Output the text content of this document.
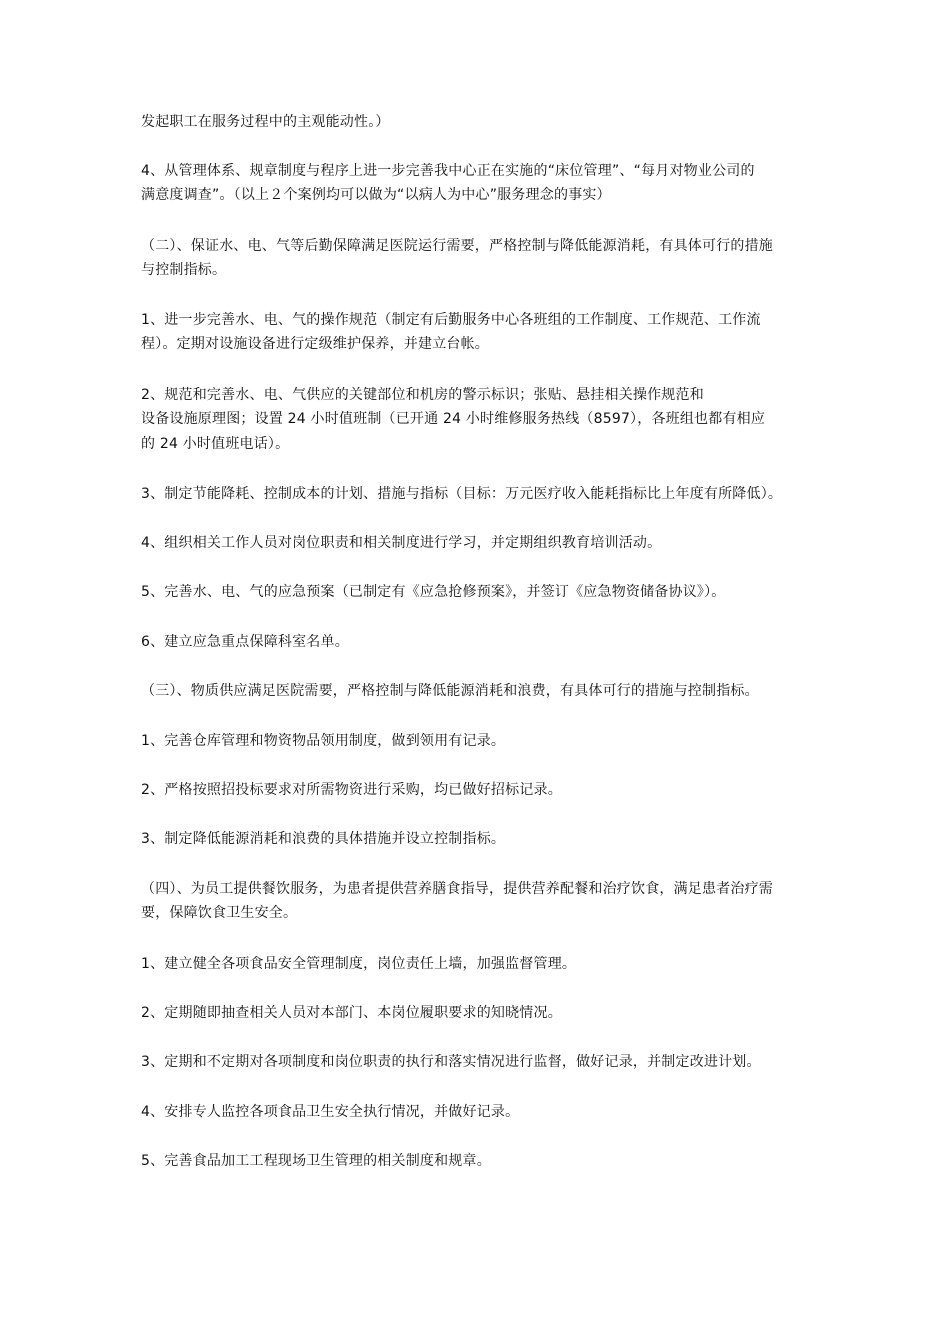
发起职工在服务过程中的主观能动性。）

4、从管理体系、规章制度与程序上进一步完善我中心正在实施的“床位管理”、“每月对物业公司的

满意度调查”。（以上２个案例均可以做为“以病人为中心”服务理念的事实）

（二）、保证水、电、气等后勤保障满足医院运行需要，严格控制与降低能源消耗，有具体可行的措施

与控制指标。

1、进一步完善水、电、气的操作规范（制定有后勤服务中心各班组的工作制度、工作规范、工作流

程）。定期对设施设备进行定级维护保养，并建立台帐。

2、规范和完善水、电、气供应的关键部位和机房的警示标识；张贴、悬挂相关操作规范和

设备设施原理图；设置 24 小时值班制（已开通 24 小时维修服务热线（8597），各班组也都有相应

的 24 小时值班电话）。

3、制定节能降耗、控制成本的计划、措施与指标（目标：万元医疗收入能耗指标比上年度有所降低）。

4、组织相关工作人员对岗位职责和相关制度进行学习，并定期组织教育培训活动。

5、完善水、电、气的应急预案（已制定有《应急抢修预案》，并签订《应急物资储备协议》）。

6、建立应急重点保障科室名单。

（三）、物质供应满足医院需要，严格控制与降低能源消耗和浪费，有具体可行的措施与控制指标。

1、完善仓库管理和物资物品领用制度，做到领用有记录。

2、严格按照招投标要求对所需物资进行采购，均已做好招标记录。

3、制定降低能源消耗和浪费的具体措施并设立控制指标。

（四）、为员工提供餐饮服务，为患者提供营养膳食指导，提供营养配餐和治疗饮食，满足患者治疗需

要，保障饮食卫生安全。

1、建立健全各项食品安全管理制度，岗位责任上墙，加强监督管理。

2、定期随即抽查相关人员对本部门、本岗位履职要求的知晓情况。

3、定期和不定期对各项制度和岗位职责的执行和落实情况进行监督，做好记录，并制定改进计划。

4、安排专人监控各项食品卫生安全执行情况，并做好记录。

5、完善食品加工工程现场卫生管理的相关制度和规章。
